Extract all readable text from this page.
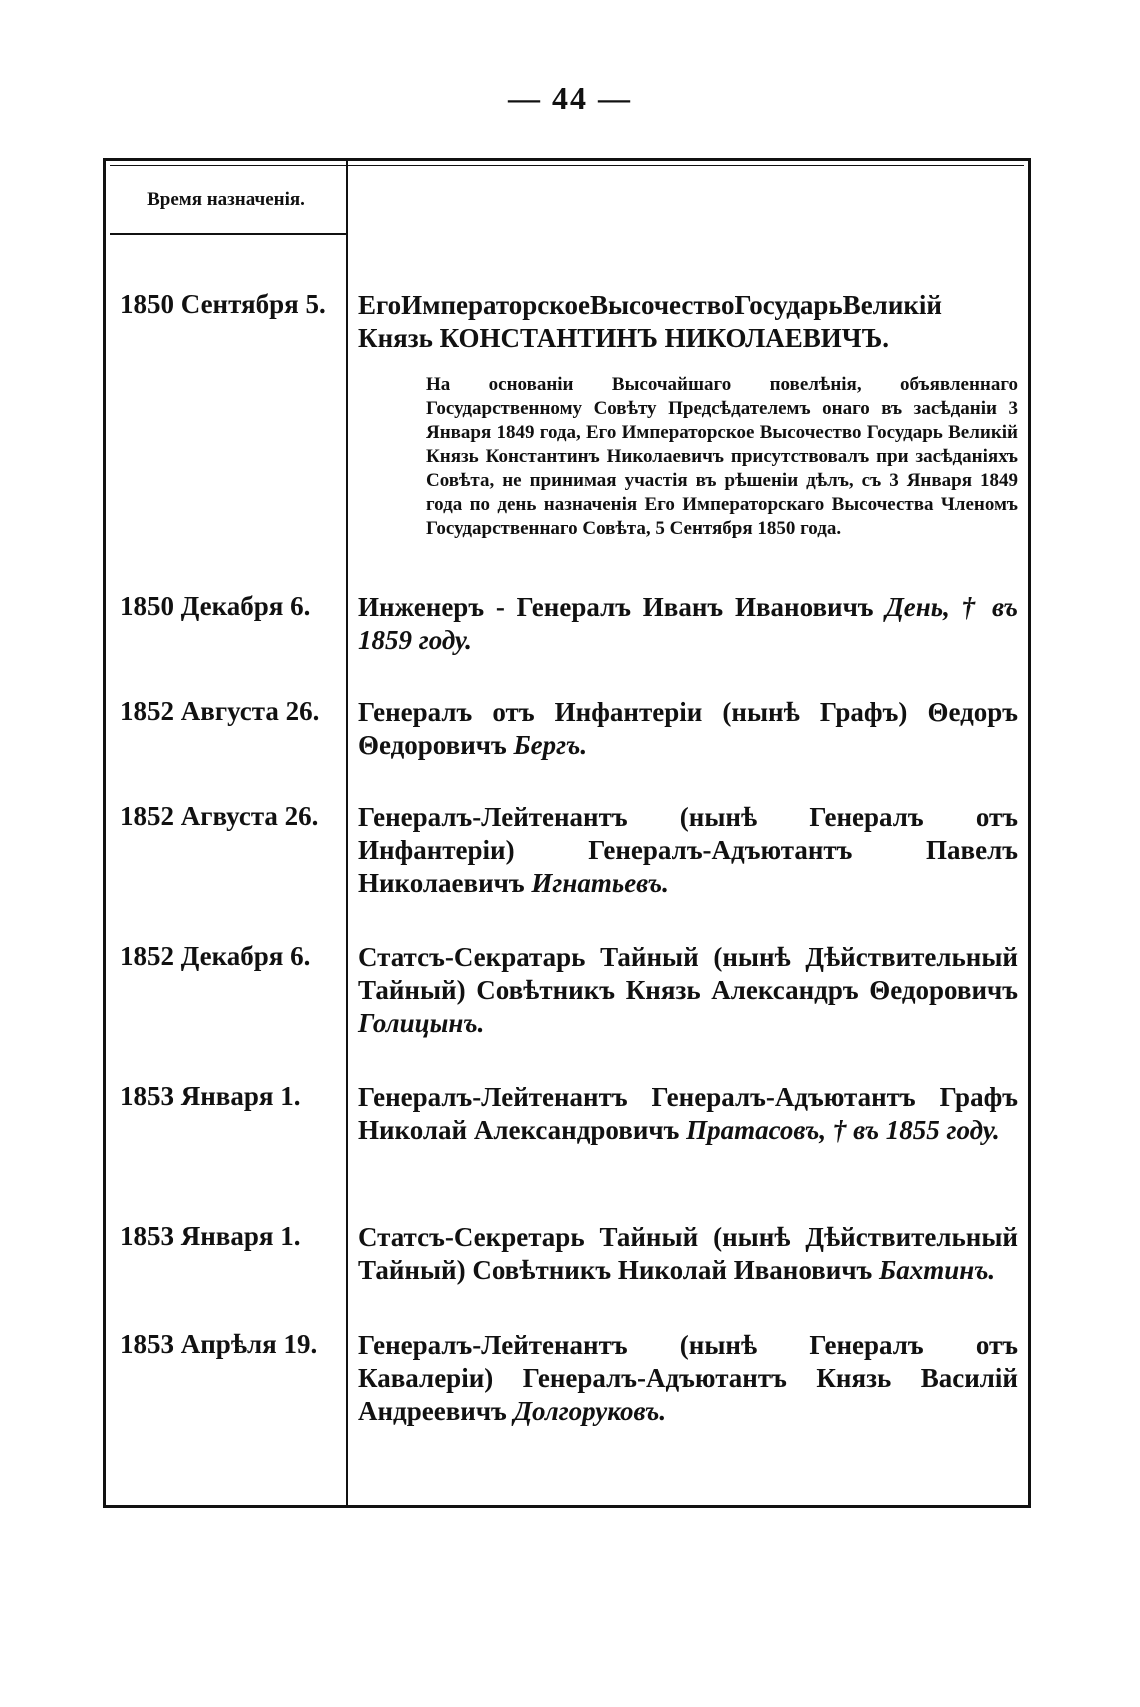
— 44 —
Время назначенія.
1850 Сентября 5.	ЕгоИмператорскоеВысочествоГосударьВеликій Князь КОНСТАНТИНЪ НИКОЛАЕВИЧЪ.
На основаніи Высочайшаго повелѣнія, объявленнаго Государственному Совѣту Предсѣдателемъ онаго въ засѣданіи 3 Января 1849 года, Его Императорское Высочество Государь Великій Князь Константинъ Николаевичъ присутствовалъ при засѣданіяхъ Совѣта, не принимая участія въ рѣшеніи дѣлъ, съ 3 Января 1849 года по день назначенія Его Императорскаго Высочества Членомъ Государственнаго Совѣта, 5 Сентября 1850 года.
1850 Декабря 6.	Инженеръ - Генералъ Иванъ Ивановичъ День, † въ 1859 году.
1852 Августа 26.	Генералъ отъ Инфантеріи (нынѣ Графъ) Θедоръ Θедоровичъ Бергъ.
1852 Агвуста 26.	Генералъ-Лейтенантъ (нынѣ Генералъ отъ Инфантеріи) Генералъ-Адъютантъ Павелъ Николаевичъ Игнатьевъ.
1852 Декабря 6.	Статсъ-Секратарь Тайный (нынѣ Дѣйствительный Тайный) Совѣтникъ Князь Александръ Θедоровичъ Голицынъ.
1853 Января 1.	Генералъ-Лейтенантъ Генералъ-Адъютантъ Графъ Николай Александровичъ Пратасовъ, † въ 1855 году.
1853 Января 1.	Статсъ-Секретарь Тайный (нынѣ Дѣйствительный Тайный) Совѣтникъ Николай Ивановичъ Бахтинъ.
1853 Апрѣля 19.	Генералъ-Лейтенантъ (нынѣ Генералъ отъ Кавалеріи) Генералъ-Адъютантъ Князь Василій Андреевичъ Долгоруковъ.
